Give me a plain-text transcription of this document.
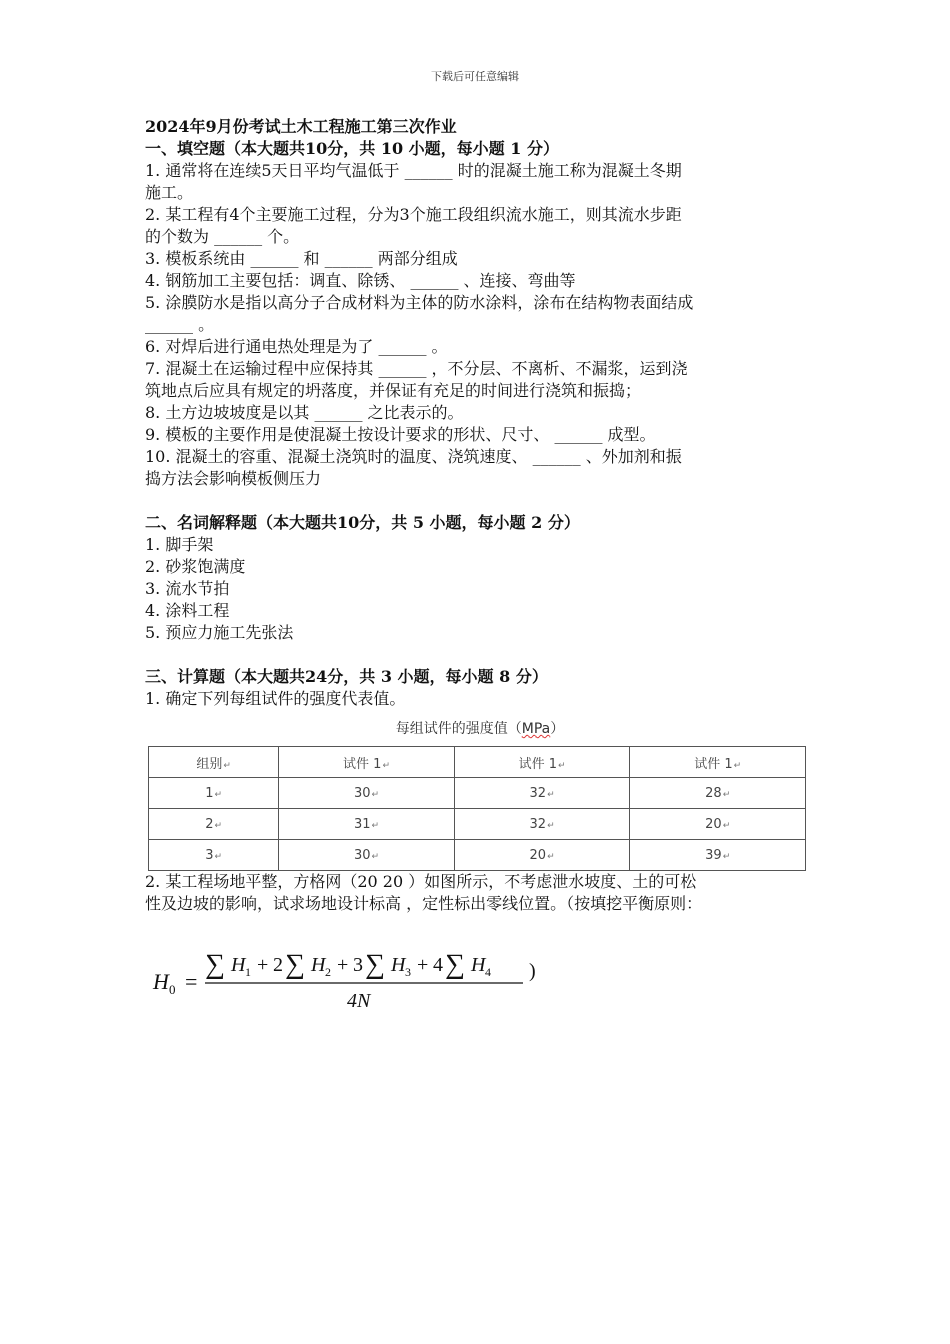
下载后可任意编辑

2024年9月份考试土木工程施工第三次作业

一、填空题（本大题共10分，共 10 小题，每小题 1 分）

1. 通常将在连续5天日平均气温低于 ______ 时的混凝土施工称为混凝土冬期

施工。

2. 某工程有4个主要施工过程，分为3个施工段组织流水施工，则其流水步距

的个数为 ______ 个。

3. 模板系统由 ______ 和 ______ 两部分组成

4. 钢筋加工主要包括：调直、除锈、 ______ 、连接、弯曲等

5. 涂膜防水是指以高分子合成材料为主体的防水涂料，涂布在结构物表面结成

______ 。

6. 对焊后进行通电热处理是为了 ______ 。

7. 混凝土在运输过程中应保持其 ______ ，不分层、不离析、不漏浆，运到浇

筑地点后应具有规定的坍落度，并保证有充足的时间进行浇筑和振捣；

8. 土方边坡坡度是以其 ______ 之比表示的。

9. 模板的主要作用是使混凝土按设计要求的形状、尺寸、 ______ 成型。

10. 混凝土的容重、混凝土浇筑时的温度、浇筑速度、 ______ 、外加剂和振

捣方法会影响模板侧压力

二、名词解释题（本大题共10分，共 5 小题，每小题 2 分）

1. 脚手架

2. 砂浆饱满度

3. 流水节拍

4. 涂料工程

5. 预应力施工先张法

三、计算题（本大题共24分，共 3 小题，每小题 8 分）

1. 确定下列每组试件的强度代表值。

每组试件的强度值（MPa）
组别↵	试件 1↵	试件 1↵	试件 1↵
1↵	30↵	32↵	28↵
2↵	31↵	32↵	20↵
3↵	30↵	20↵	39↵

2. 某工程场地平整，方格网（20 20 ）如图所示，不考虑泄水坡度、土的可松

性及边坡的影响，试求场地设计标高 ，定性标出零线位置。（按填挖平衡原则：

H 0 =
∑ H 1 + 2 ∑ H 2 + 3 ∑ H 3 + 4 ∑ H 4
4N
)
